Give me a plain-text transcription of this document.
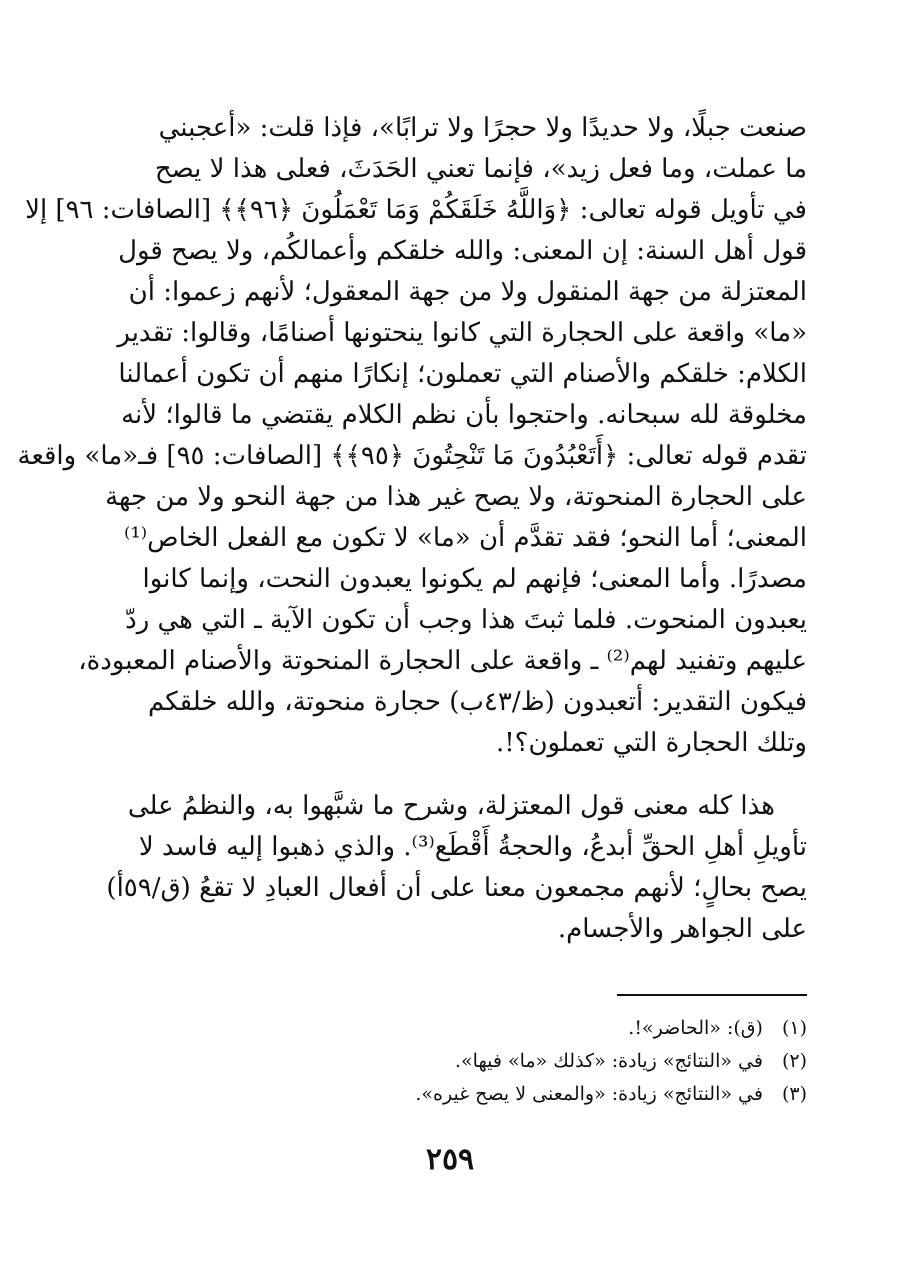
صنعت جبلًا، ولا حديدًا ولا حجرًا ولا ترابًا»، فإذا قلت: «أعجبني
ما عملت، وما فعل زيد»، فإنما تعني الحَدَثَ، فعلى هذا لا يصح
في تأويل قوله تعالى: ﴿وَاللَّهُ خَلَقَكُمْ وَمَا تَعْمَلُونَ ﴿٩٦﴾﴾ [الصافات: ٩٦] إلا
قول أهل السنة: إن المعنى: والله خلقكم وأعمالكُم، ولا يصح قول
المعتزلة من جهة المنقول ولا من جهة المعقول؛ لأنهم زعموا: أن
«ما» واقعة على الحجارة التي كانوا ينحتونها أصنامًا، وقالوا: تقدير
الكلام: خلقكم والأصنام التي تعملون؛ إنكارًا منهم أن تكون أعمالنا
مخلوقة لله سبحانه. واحتجوا بأن نظم الكلام يقتضي ما قالوا؛ لأنه
تقدم قوله تعالى: ﴿أَتَعْبُدُونَ مَا تَنْحِتُونَ ﴿٩٥﴾﴾ [الصافات: ٩٥] فـ«ما» واقعة
على الحجارة المنحوتة، ولا يصح غير هذا من جهة النحو ولا من جهة
المعنى؛ أما النحو؛ فقد تقدَّم أن «ما» لا تكون مع الفعل الخاص⁽¹⁾
مصدرًا. وأما المعنى؛ فإنهم لم يكونوا يعبدون النحت، وإنما كانوا
يعبدون المنحوت. فلما ثبتَ هذا وجب أن تكون الآية ـ التي هي ردّ
عليهم وتفنيد لهم⁽²⁾ ـ واقعة على الحجارة المنحوتة والأصنام المعبودة،
فيكون التقدير: أتعبدون (ظ/٤٣ب) حجارة منحوتة، والله خلقكم
وتلك الحجارة التي تعملون؟!.
هذا كله معنى قول المعتزلة، وشرح ما شبَّهوا به، والنظمُ على
تأويلِ أهلِ الحقِّ أبدعُ، والحجةُ أَقْطَع⁽³⁾. والذي ذهبوا إليه فاسد لا
يصح بحالٍ؛ لأنهم مجمعون معنا على أن أفعال العبادِ لا تقعُ (ق/٥٩أ)
على الجواهر والأجسام.
(١) (ق): «الحاضر»!.
(٢) في «النتائج» زيادة: «كذلك «ما» فيها».
(٣) في «النتائج» زيادة: «والمعنى لا يصح غيره».
٢٥٩
